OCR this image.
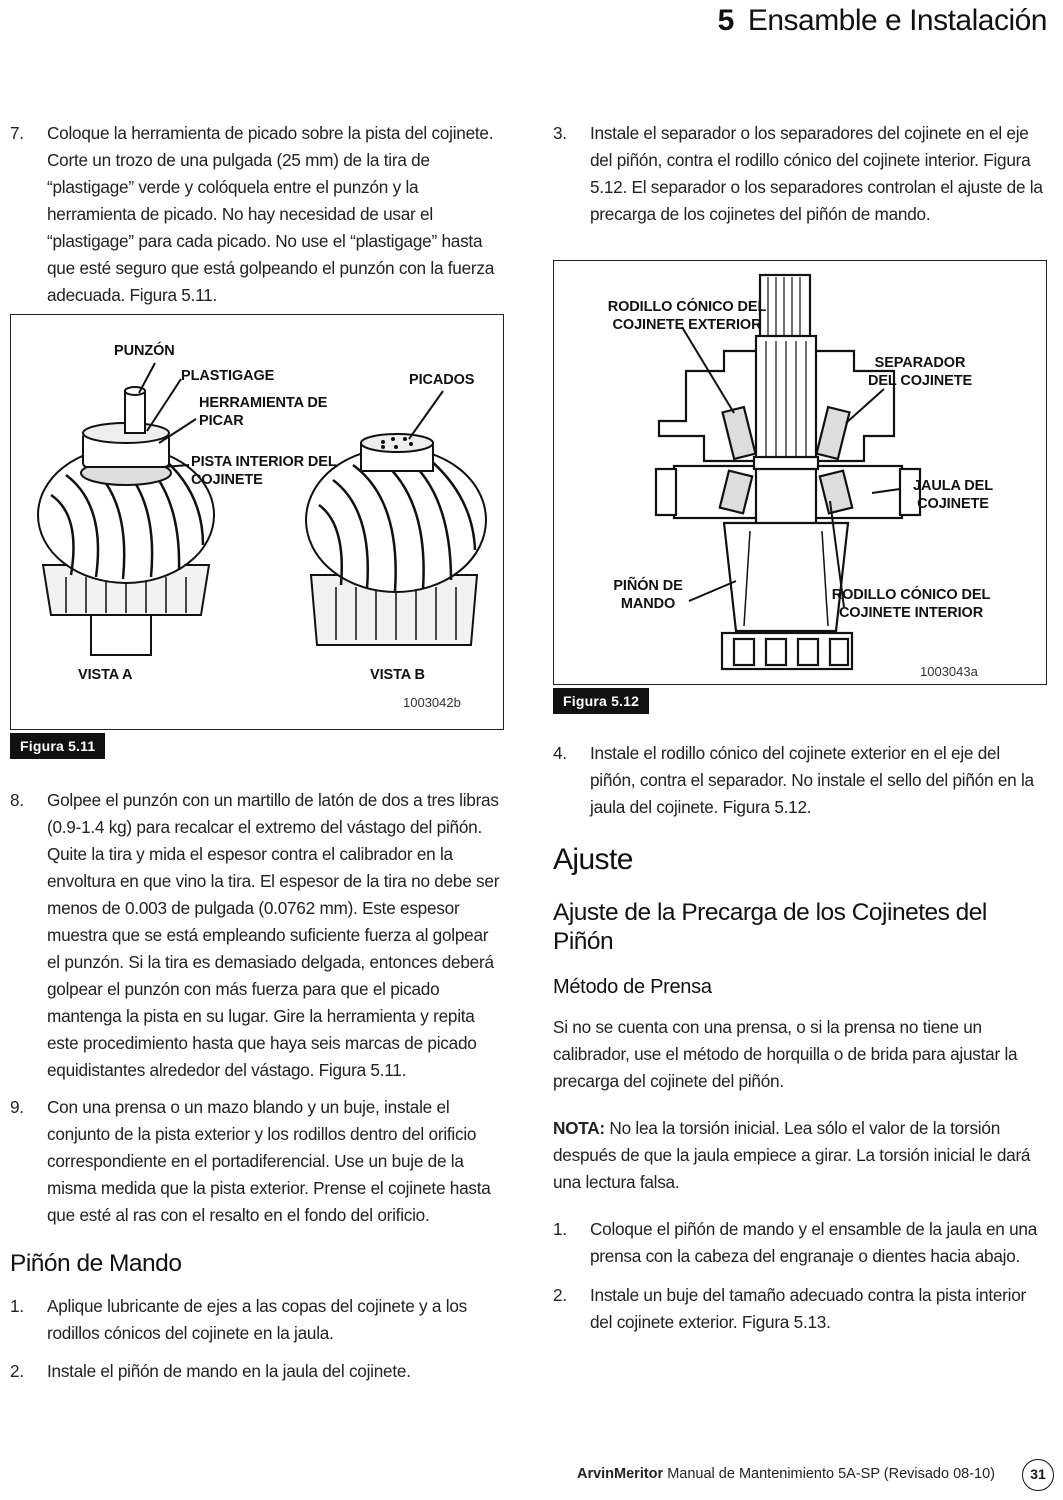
5 Ensamble e Instalación
7. Coloque la herramienta de picado sobre la pista del cojinete. Corte un trozo de una pulgada (25 mm) de la tira de “plastigage” verde y colóquela entre el punzón y la herramienta de picado. No hay necesidad de usar el “plastigage” para cada picado. No use el “plastigage” hasta que esté seguro que está golpeando el punzón con la fuerza adecuada. Figura 5.11.
PUNZÓN
PLASTIGAGE
HERRAMIENTA DE PICAR
PISTA INTERIOR DEL COJINETE
PICADOS
VISTA A	VISTA B
1003042b
Figura 5.11
8. Golpee el punzón con un martillo de latón de dos a tres libras (0.9-1.4 kg) para recalcar el extremo del vástago del piñón. Quite la tira y mida el espesor contra el calibrador en la envoltura en que vino la tira. El espesor de la tira no debe ser menos de 0.003 de pulgada (0.0762 mm). Este espesor muestra que se está empleando suficiente fuerza al golpear el punzón. Si la tira es demasiado delgada, entonces deberá golpear el punzón con más fuerza para que el picado mantenga la pista en su lugar. Gire la herramienta y repita este procedimiento hasta que haya seis marcas de picado equidistantes alrededor del vástago. Figura 5.11.
9. Con una prensa o un mazo blando y un buje, instale el conjunto de la pista exterior y los rodillos dentro del orificio correspondiente en el portadiferencial. Use un buje de la misma medida que la pista exterior. Prense el cojinete hasta que esté al ras con el resalto en el fondo del orificio.
Piñón de Mando
1. Aplique lubricante de ejes a las copas del cojinete y a los rodillos cónicos del cojinete en la jaula.
2. Instale el piñón de mando en la jaula del cojinete.
3. Instale el separador o los separadores del cojinete en el eje del piñón, contra el rodillo cónico del cojinete interior. Figura 5.12. El separador o los separadores controlan el ajuste de la precarga de los cojinetes del piñón de mando.
RODILLO CÓNICO DEL COJINETE EXTERIOR
SEPARADOR DEL COJINETE
JAULA DEL COJINETE
PIÑÓN DE MANDO
RODILLO CÓNICO DEL COJINETE INTERIOR
1003043a
Figura 5.12
4. Instale el rodillo cónico del cojinete exterior en el eje del piñón, contra el separador. No instale el sello del piñón en la jaula del cojinete. Figura 5.12.
Ajuste
Ajuste de la Precarga de los Cojinetes del Piñón
Método de Prensa
Si no se cuenta con una prensa, o si la prensa no tiene un calibrador, use el método de horquilla o de brida para ajustar la precarga del cojinete del piñón.
NOTA: No lea la torsión inicial. Lea sólo el valor de la torsión después de que la jaula empiece a girar. La torsión inicial le dará una lectura falsa.
1. Coloque el piñón de mando y el ensamble de la jaula en una prensa con la cabeza del engranaje o dientes hacia abajo.
2. Instale un buje del tamaño adecuado contra la pista interior del cojinete exterior. Figura 5.13.
ArvinMeritor Manual de Mantenimiento 5A-SP (Revisado 08-10)	31
